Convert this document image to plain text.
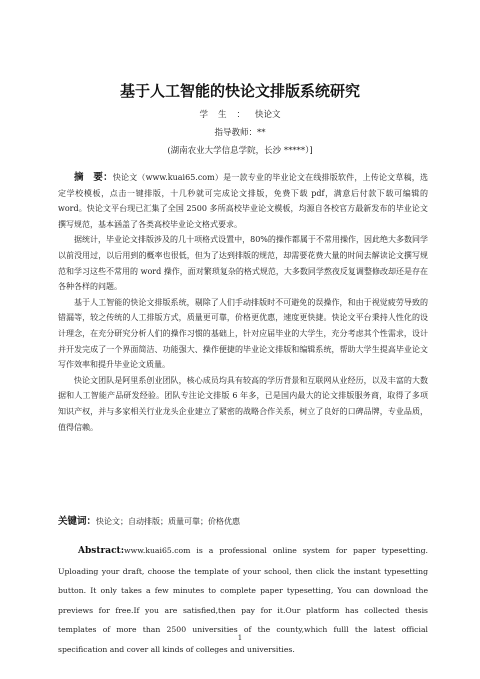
基于人工智能的快论文排版系统研究
学生：快论文
指导教师：**
(湖南农业大学信息学院，长沙 *****）]

摘　要：快论文（www.kuai65.com）是一款专业的毕业论文在线排版软件，上传论文草稿，选定学校模板，点击一键排版，十几秒就可完成论文排版，免费下载 pdf，满意后付款下载可编辑的 word。快论文平台现已汇集了全国 2500 多所高校毕业论文模板，均源自各校官方最新发布的毕业论文撰写规范，基本涵盖了各类高校毕业论文格式要求。

据统计，毕业论文排版涉及的几十项格式设置中，80%的操作都属于不常用操作，因此绝大多数同学以前没用过，以后用到的概率也很低，但为了达到排版的规范，却需要花费大量的时间去解读论文撰写规范和学习这些不常用的 word 操作，面对繁琐复杂的格式规范，大多数同学熬夜反复调整修改却还是存在各种各样的问题。

基于人工智能的快论文排版系统，剔除了人们手动排版时不可避免的误操作，和由于视觉疲劳导致的错漏等，较之传统的人工排版方式，质量更可靠，价格更优惠，速度更快捷。快论文平台秉持人性化的设计理念，在充分研究分析人们的操作习惯的基础上，针对应届毕业的大学生，充分考虑其个性需求，设计并开发完成了一个界面简洁、功能强大、操作便捷的毕业论文排版和编辑系统，帮助大学生提高毕业论文写作效率和提升毕业论文质量。

快论文团队是阿里系创业团队，核心成员均具有较高的学历背景和互联网从业经历，以及丰富的大数据和人工智能产品研发经验。团队专注论文排版 6 年多，已是国内最大的论文排版服务商，取得了多项知识产权，并与多家相关行业龙头企业建立了紧密的战略合作关系，树立了良好的口碑品牌，专业品质，值得信赖。

关键词：快论文；自动排版；质量可靠；价格优惠
Abstract:www.kuai65.com is a professional online system for paper typesetting. Uploading your draft, choose the template of your school, then click the instant typesetting button. It only takes a few minutes to complete paper typesetting, You can download the previews for free.If you are satisfied,then pay for it.Our platform has collected thesis templates of more than 2500 universities of the county,which fulll the latest official specification and cover all kinds of colleges and universities.
1
